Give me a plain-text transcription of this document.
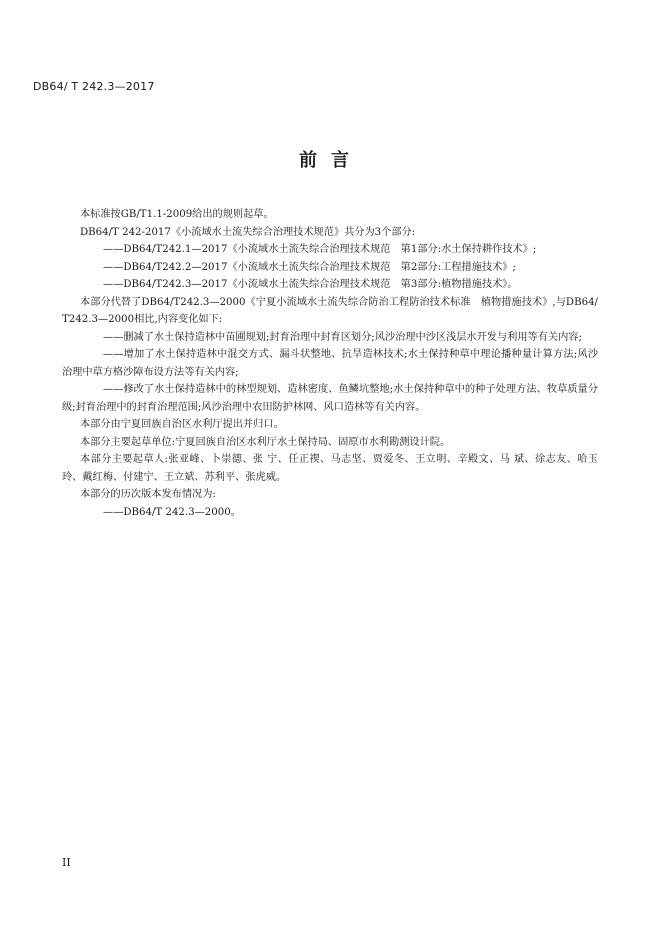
DB64/ T 242.3—2017
前言

本标准按GB/T1.1-2009给出的规则起草。

DB64/T 242-2017《小流域水土流失综合治理技术规范》共分为3个部分:

——DB64/T242.1—2017《小流域水土流失综合治理技术规范　第1部分:水土保持耕作技术》;

——DB64/T242.2—2017《小流域水土流失综合治理技术规范　第2部分:工程措施技术》;

——DB64/T242.3—2017《小流域水土流失综合治理技术规范　第3部分:植物措施技术》。

本部分代替了DB64/T242.3—2000《宁夏小流域水土流失综合防治工程防治技术标准　植物措施技术》,与DB64/T242.3—2000相比,内容变化如下:

——删减了水土保持造林中苗圃规划;封育治理中封育区划分;风沙治理中沙区浅层水开发与利用等有关内容;

——增加了水土保持造林中混交方式、漏斗状整地、抗旱造林技术;水土保持种草中理论播种量计算方法;风沙治理中草方格沙障布设方法等有关内容;

——修改了水土保持造林中的林型规划、造林密度、鱼鳞坑整地;水土保持种草中的种子处理方法、牧草质量分级;封育治理中的封育治理范围;风沙治理中农田防护林网、风口造林等有关内容。

本部分由宁夏回族自治区水利厅提出并归口。

本部分主要起草单位:宁夏回族自治区水利厅水土保持局、固原市水利勘测设计院。

本部分主要起草人:张亚峰、卜崇德、张 宁、任正禊、马志坚、贾爱冬、王立明、辛殿文、马 斌、徐志友、哈玉玲、戴红梅、付建宁、王立斌、苏利平、张虎威。

本部分的历次版本发布情况为:

——DB64/T 242.3—2000。

II
